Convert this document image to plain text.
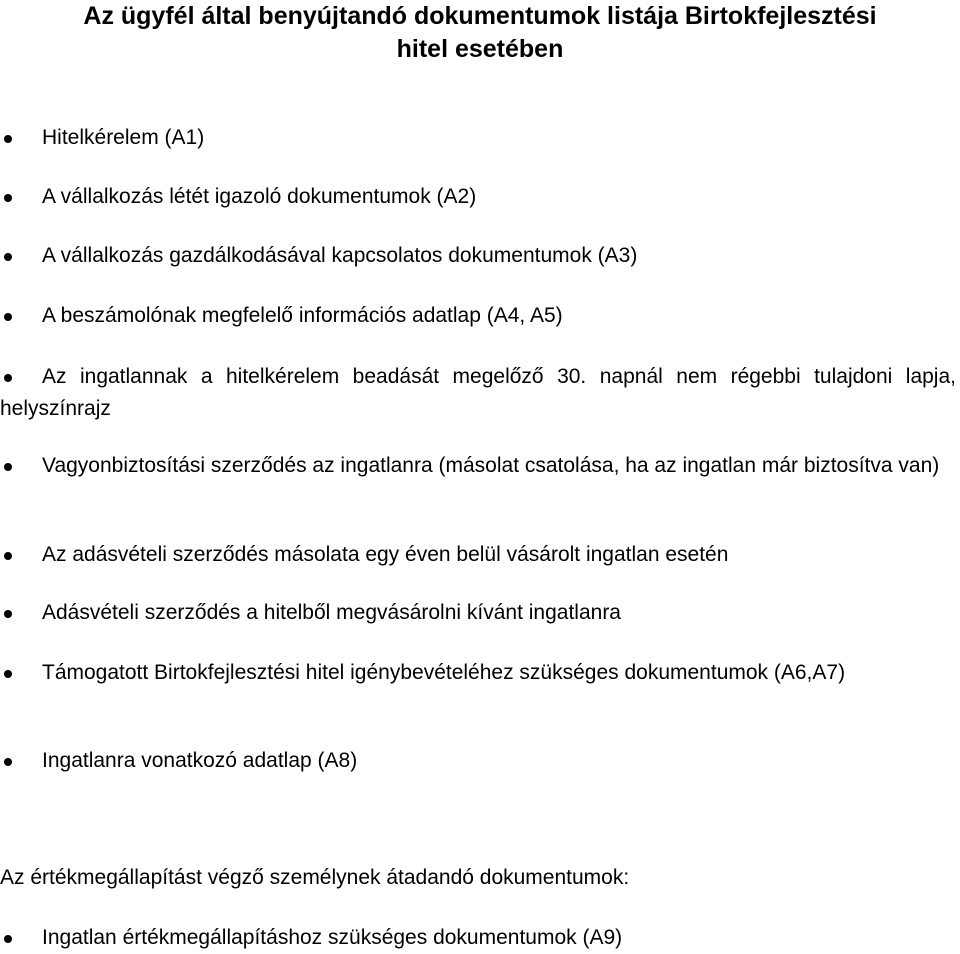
Az ügyfél által benyújtandó dokumentumok listája Birtokfejlesztési
hitel esetében
Hitelkérelem (A1)
A vállalkozás létét igazoló dokumentumok (A2)
A vállalkozás gazdálkodásával kapcsolatos dokumentumok (A3)
A beszámolónak megfelelő információs adatlap (A4, A5)
Az ingatlannak a hitelkérelem beadását megelőző 30. napnál nem régebbi tulajdoni lapja, helyszínrajz
Vagyonbiztosítási szerződés az ingatlanra (másolat csatolása, ha az ingatlan már biztosítva van)
Az adásvételi szerződés másolata egy éven belül vásárolt ingatlan esetén
Adásvételi szerződés a hitelből megvásárolni kívánt ingatlanra
Támogatott Birtokfejlesztési hitel igénybevételéhez szükséges dokumentumok (A6,A7)
Ingatlanra vonatkozó adatlap (A8)

Az értékmegállapítást végző személynek átadandó dokumentumok:

Ingatlan értékmegállapításhoz szükséges dokumentumok (A9)
